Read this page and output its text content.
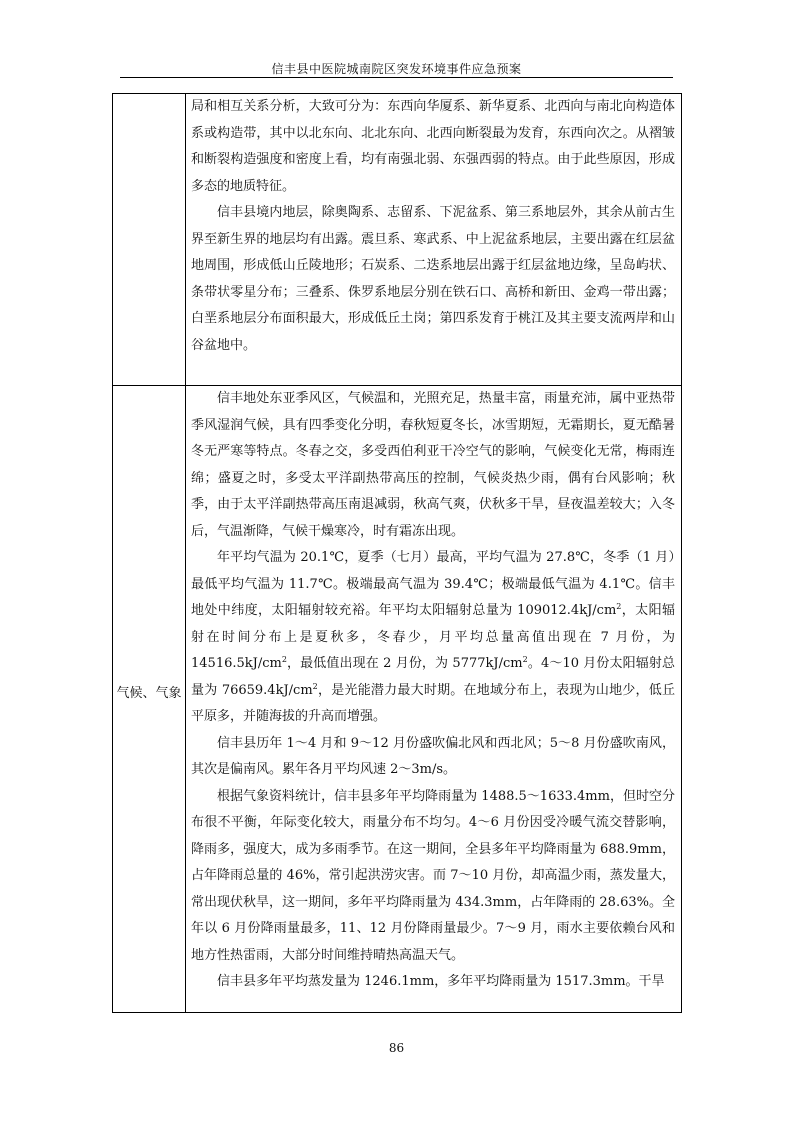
信丰县中医院城南院区突发环境事件应急预案

局和相互关系分析，大致可分为：东西向华厦系、新华夏系、北西向与南北向构造体系或构造带，其中以北东向、北北东向、北西向断裂最为发育，东西向次之。从褶皱和断裂构造强度和密度上看，均有南强北弱、东强西弱的特点。由于此些原因，形成多态的地质特征。

信丰县境内地层，除奥陶系、志留系、下泥盆系、第三系地层外，其余从前古生界至新生界的地层均有出露。震旦系、寒武系、中上泥盆系地层，主要出露在红层盆地周围，形成低山丘陵地形；石炭系、二迭系地层出露于红层盆地边缘，呈岛屿状、条带状零星分布；三叠系、侏罗系地层分别在铁石口、高桥和新田、金鸡一带出露；白垩系地层分布面积最大，形成低丘土岗；第四系发育于桃江及其主要支流两岸和山谷盆地中。

气候、气象

信丰地处东亚季风区，气候温和，光照充足，热量丰富，雨量充沛，属中亚热带季风湿润气候，具有四季变化分明，春秋短夏冬长，冰雪期短，无霜期长，夏无酷暑冬无严寒等特点。冬春之交，多受西伯利亚干冷空气的影响，气候变化无常，梅雨连绵；盛夏之时，多受太平洋副热带高压的控制，气候炎热少雨，偶有台风影响；秋季，由于太平洋副热带高压南退减弱，秋高气爽，伏秋多干旱，昼夜温差较大；入冬后，气温渐降，气候干燥寒冷，时有霜冻出现。

年平均气温为 20.1℃，夏季（七月）最高，平均气温为 27.8℃，冬季（1 月）最低平均气温为 11.7℃。极端最高气温为 39.4℃；极端最低气温为 4.1℃。信丰地处中纬度，太阳辐射较充裕。年平均太阳辐射总量为 $109012.4kJ/cm^2$，太阳辐射在时间分布上是夏秋多，冬春少，月平均总量高值出现在 7 月份，为 $14516.5kJ/cm^2$，最低值出现在 2 月份，为 $5777kJ/cm^2$。4～10 月份太阳辐射总量为 $76659.4kJ/cm^2$，是光能潜力最大时期。在地域分布上，表现为山地少，低丘平原多，并随海拔的升高而增强。

信丰县历年 1～4 月和 9～12 月份盛吹偏北风和西北风；5～8 月份盛吹南风，其次是偏南风。累年各月平均风速 2～3m/s。

根据气象资料统计，信丰县多年平均降雨量为 1488.5～1633.4mm，但时空分布很不平衡，年际变化较大，雨量分布不均匀。4～6 月份因受冷暖气流交替影响，降雨多，强度大，成为多雨季节。在这一期间，全县多年平均降雨量为 688.9mm，占年降雨总量的 46%，常引起洪涝灾害。而 7～10 月份，却高温少雨，蒸发量大，常出现伏秋旱，这一期间，多年平均降雨量为 434.3mm，占年降雨的 28.63%。全年以 6 月份降雨量最多，11、12 月份降雨量最少。7～9 月，雨水主要依赖台风和地方性热雷雨，大部分时间维持晴热高温天气。

信丰县多年平均蒸发量为 1246.1mm，多年平均降雨量为 1517.3mm。干旱

86
